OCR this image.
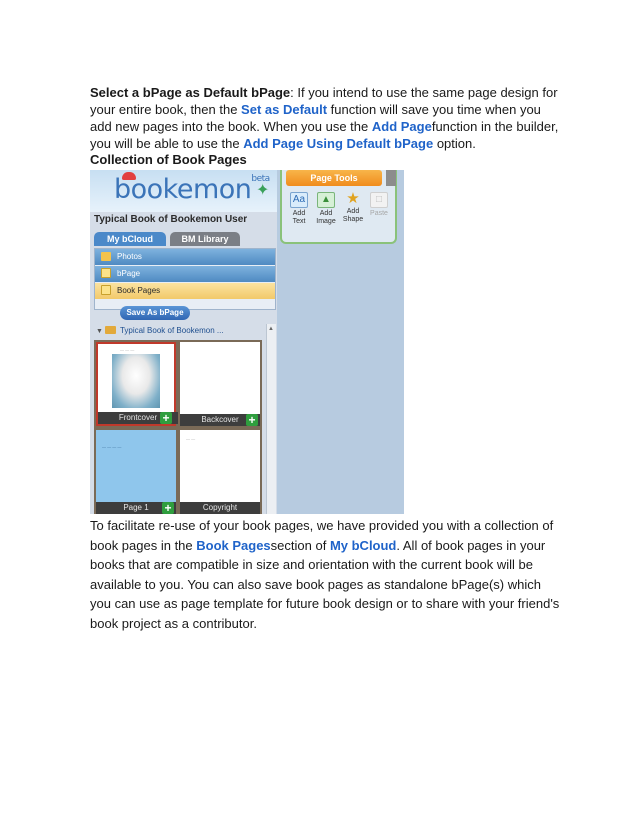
Select a bPage as Default bPage: If you intend to use the same page design for your entire book, then the Set as Default function will save you time when you add new pages into the book. When you use the Add Pagefunction in the builder, you will be able to use the Add Page Using Default bPage option.

Collection of Book Pages

bookemon$^{beta}$
✦
Typical Book of Bookemon User
My bCloud	BM Library
Photos
bPage
Book Pages
Save As bPage
▼ Typical Book of Bookemon ...
— — —
Frontcover +	Backcover +
— — — —
Page 1	+
— —
Copyright
▲
Page Tools
Aa
Add
Text
▲
Add
Image
★
Add
Shape
□
Paste

To facilitate re-use of your book pages, we have provided you with a collection of book pages in the Book Pagessection of My bCloud. All of book pages in your books that are compatible in size and orientation with the current book will be available to you. You can also save book pages as standalone bPage(s) which you can use as page template for future book design or to share with your friend's book project as a contributor.
